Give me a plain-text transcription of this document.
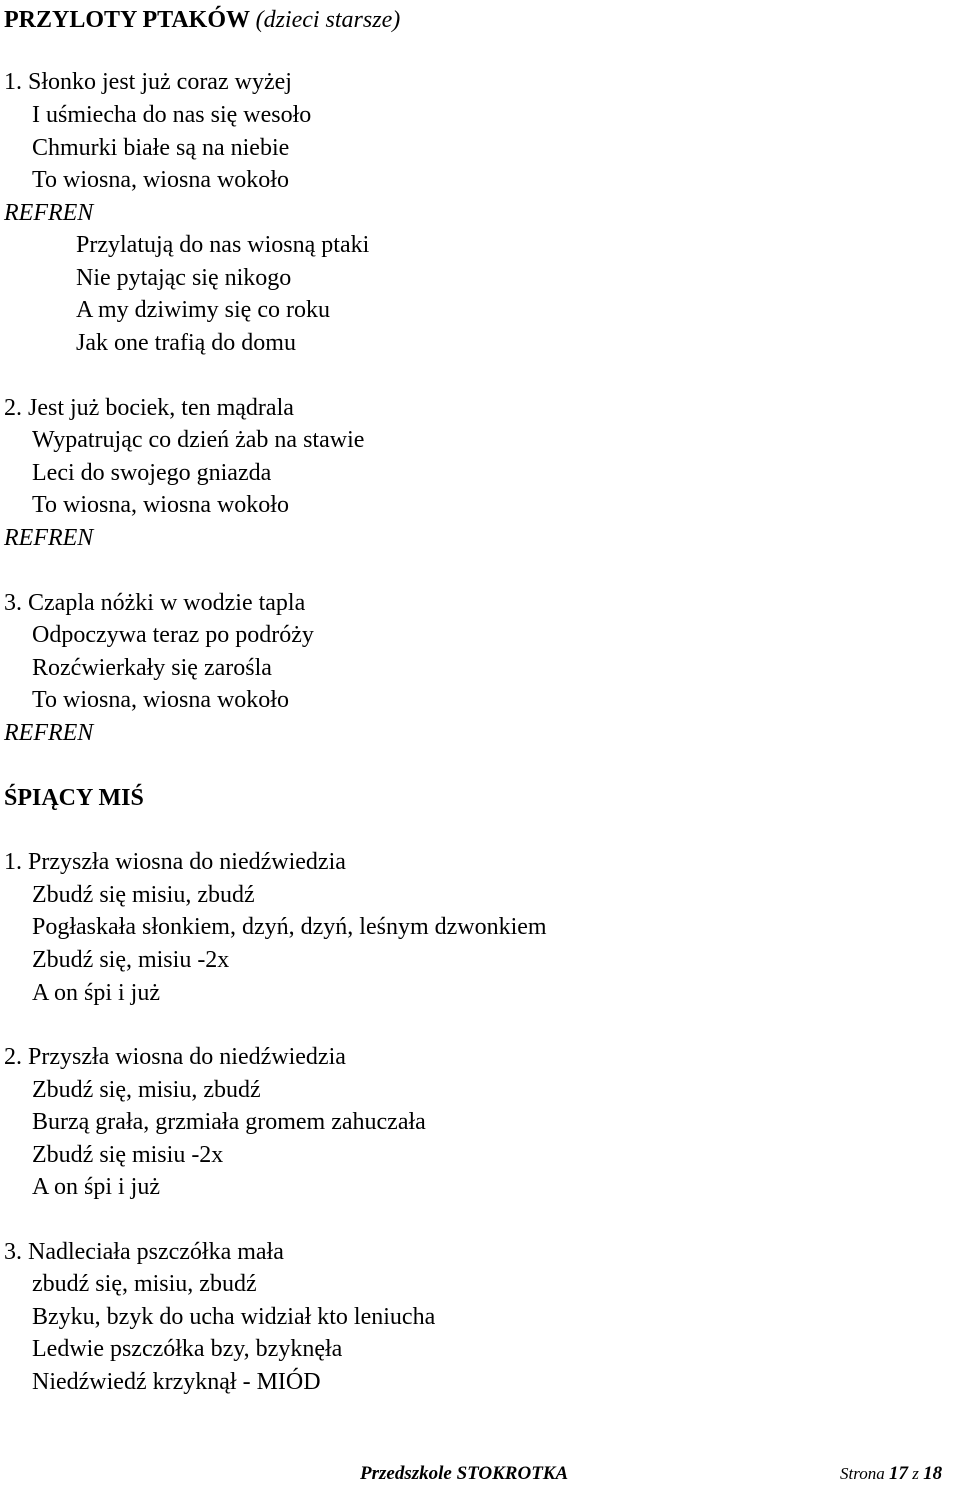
PRZYLOTY PTAKÓW (dzieci starsze)
1. Słonko jest już coraz wyżej
I uśmiecha do nas się wesoło
Chmurki białe są na niebie
To wiosna, wiosna wokoło
REFREN
Przylatują do nas wiosną ptaki
Nie pytając się nikogo
A my dziwimy się co roku
Jak one trafią do domu
2. Jest już bociek, ten mądrala
Wypatrując co dzień żab na stawie
Leci do swojego gniazda
To wiosna, wiosna wokoło
REFREN
3. Czapla nóżki w wodzie tapla
Odpoczywa teraz po podróży
Rozćwierkały się zarośla
To wiosna, wiosna wokoło
REFREN
ŚPIĄCY MIŚ
1. Przyszła wiosna do niedźwiedzia
Zbudź się misiu, zbudź
Pogłaskała słonkiem, dzyń, dzyń, leśnym dzwonkiem
Zbudź się, misiu -2x
A on śpi i już
2. Przyszła wiosna do niedźwiedzia
Zbudź się, misiu, zbudź
Burzą grała, grzmiała gromem zahuczała
Zbudź się misiu -2x
A on śpi i już
3. Nadleciała pszczółka mała
zbudź się, misiu, zbudź
Bzyku, bzyk do ucha widział kto leniucha
Ledwie pszczółka bzy, bzyknęła
Niedźwiedź krzyknął - MIÓD
Przedszkole STOKROTKA	Strona 17 z 18
